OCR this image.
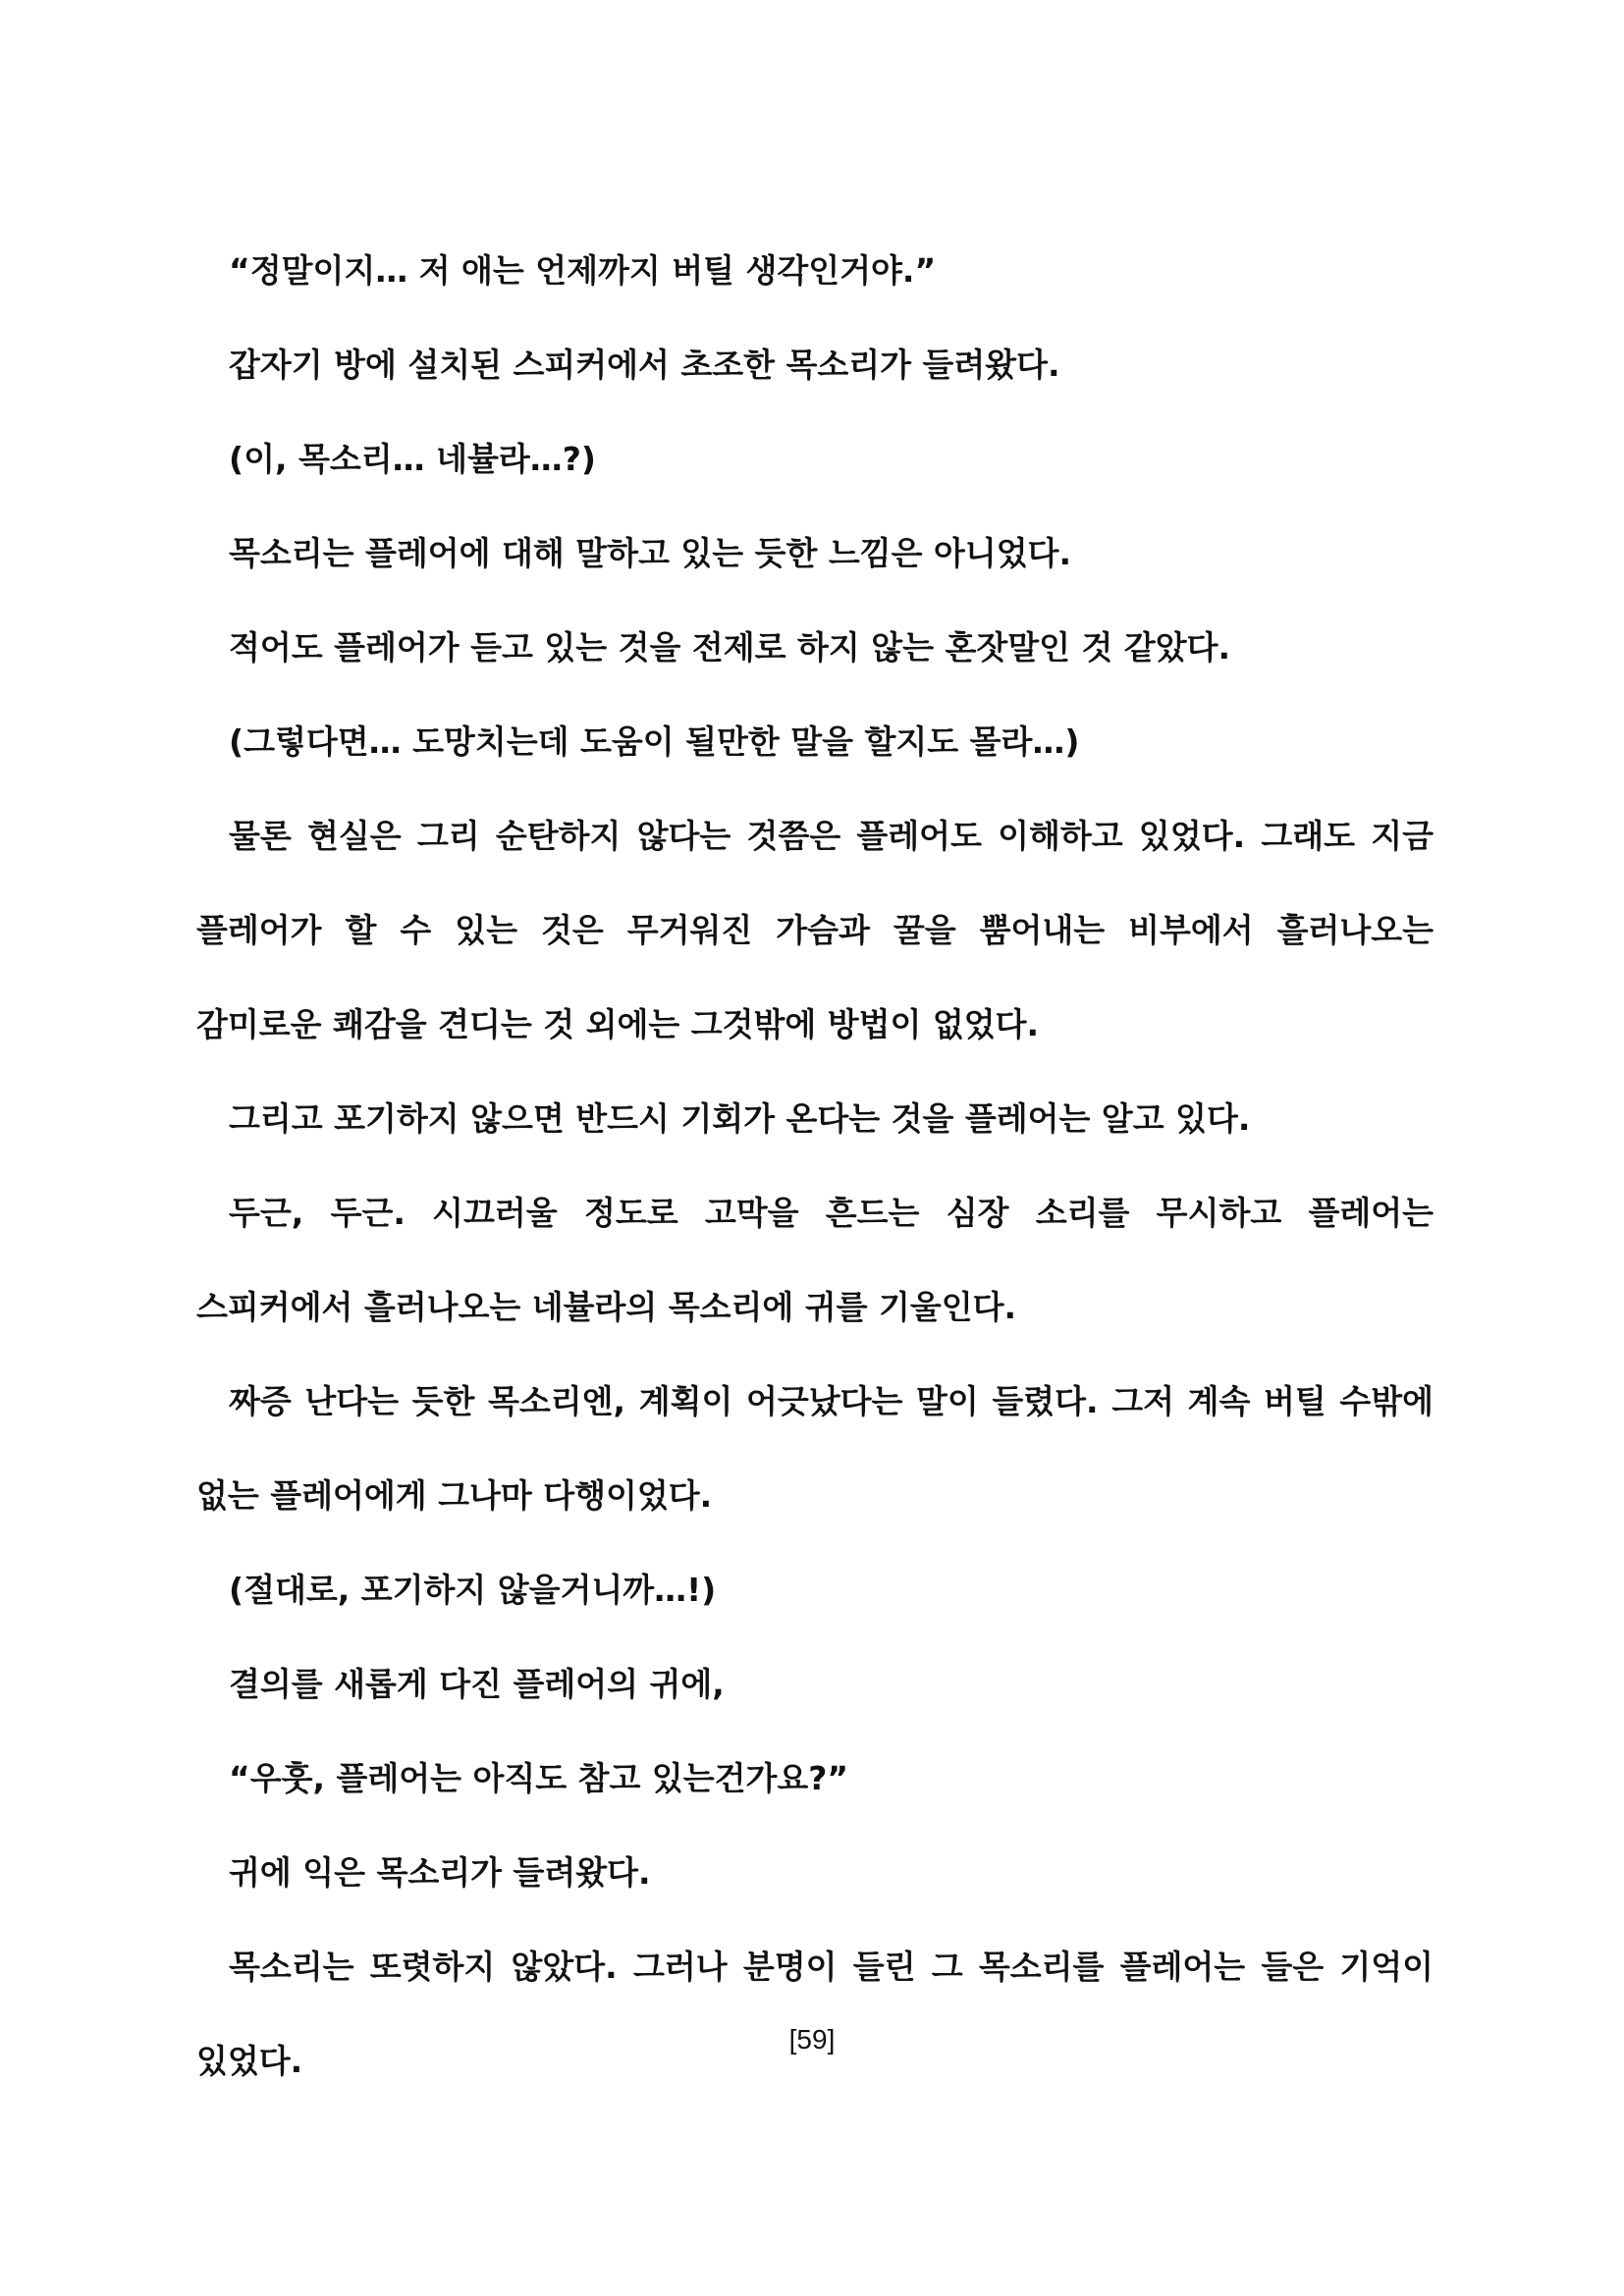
“정말이지… 저 애는 언제까지 버틸 생각인거야.”

갑자기 방에 설치된 스피커에서 초조한 목소리가 들려왔다.

(이, 목소리… 네뷸라…?)

목소리는 플레어에 대해 말하고 있는 듯한 느낌은 아니었다.

적어도 플레어가 듣고 있는 것을 전제로 하지 않는 혼잣말인 것 같았다.

(그렇다면… 도망치는데 도움이 될만한 말을 할지도 몰라…)

물론 현실은 그리 순탄하지 않다는 것쯤은 플레어도 이해하고 있었다. 그래도 지금 플레어가 할 수 있는 것은 무거워진 가슴과 꿀을 뿜어내는 비부에서 흘러나오는 감미로운 쾌감을 견디는 것 외에는 그것밖에 방법이 없었다.

그리고 포기하지 않으면 반드시 기회가 온다는 것을 플레어는 알고 있다.

두근, 두근. 시끄러울 정도로 고막을 흔드는 심장 소리를 무시하고 플레어는 스피커에서 흘러나오는 네뷸라의 목소리에 귀를 기울인다.

짜증 난다는 듯한 목소리엔, 계획이 어긋났다는 말이 들렸다. 그저 계속 버틸 수밖에 없는 플레어에게 그나마 다행이었다.

(절대로, 포기하지 않을거니까…!)

결의를 새롭게 다진 플레어의 귀에,

“우훗, 플레어는 아직도 참고 있는건가요?”

귀에 익은 목소리가 들려왔다.

목소리는 또렷하지 않았다. 그러나 분명이 들린 그 목소리를 플레어는 들은 기억이 있었다.

[59]
